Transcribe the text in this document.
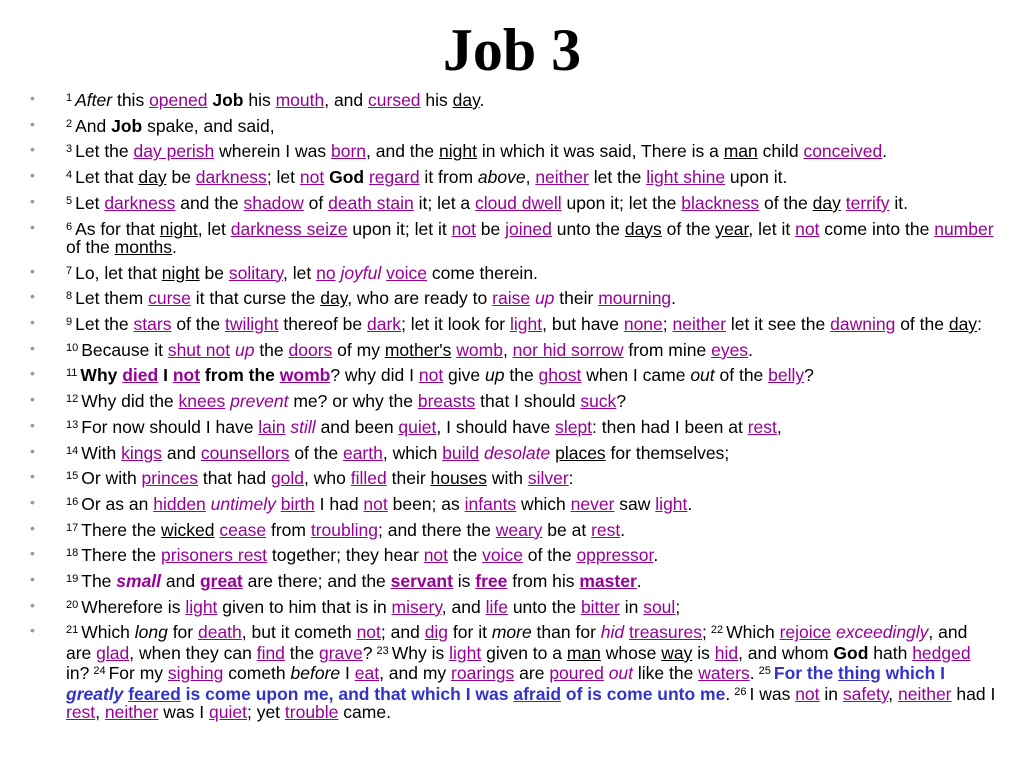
Job 3
• $^1$ After this opened Job his mouth, and cursed his day.
• $^2$ And Job spake, and said,
• $^3$ Let the day perish wherein I was born, and the night in which it was said, There is a man child conceived.
• $^4$ Let that day be darkness; let not God regard it from above, neither let the light shine upon it.
• $^5$ Let darkness and the shadow of death stain it; let a cloud dwell upon it; let the blackness of the day terrify it.
• $^6$ As for that night, let darkness seize upon it; let it not be joined unto the days of the year, let it not come into the number of the months.
• $^7$ Lo, let that night be solitary, let no joyful voice come therein.
• $^8$ Let them curse it that curse the day, who are ready to raise up their mourning.
• $^9$ Let the stars of the twilight thereof be dark; let it look for light, but have none; neither let it see the dawning of the day:
• $^{10}$ Because it shut not up the doors of my mother's womb, nor hid sorrow from mine eyes.
• $^{11}$ Why died I not from the womb? why did I not give up the ghost when I came out of the belly?
• $^{12}$ Why did the knees prevent me? or why the breasts that I should suck?
• $^{13}$ For now should I have lain still and been quiet, I should have slept: then had I been at rest,
• $^{14}$ With kings and counsellors of the earth, which build desolate places for themselves;
• $^{15}$ Or with princes that had gold, who filled their houses with silver:
• $^{16}$ Or as an hidden untimely birth I had not been; as infants which never saw light.
• $^{17}$ There the wicked cease from troubling; and there the weary be at rest.
• $^{18}$ There the prisoners rest together; they hear not the voice of the oppressor.
• $^{19}$ The small and great are there; and the servant is free from his master.
• $^{20}$ Wherefore is light given to him that is in misery, and life unto the bitter in soul;
• $^{21}$ Which long for death, but it cometh not; and dig for it more than for hid treasures; $^{22}$ Which rejoice exceedingly, and are glad, when they can find the grave? $^{23}$ Why is light given to a man whose way is hid, and whom God hath hedged in? $^{24}$ For my sighing cometh before I eat, and my roarings are poured out like the waters. $^{25}$ For the thing which I greatly feared is come upon me, and that which I was afraid of is come unto me. $^{26}$ I was not in safety, neither had I rest, neither was I quiet; yet trouble came.
